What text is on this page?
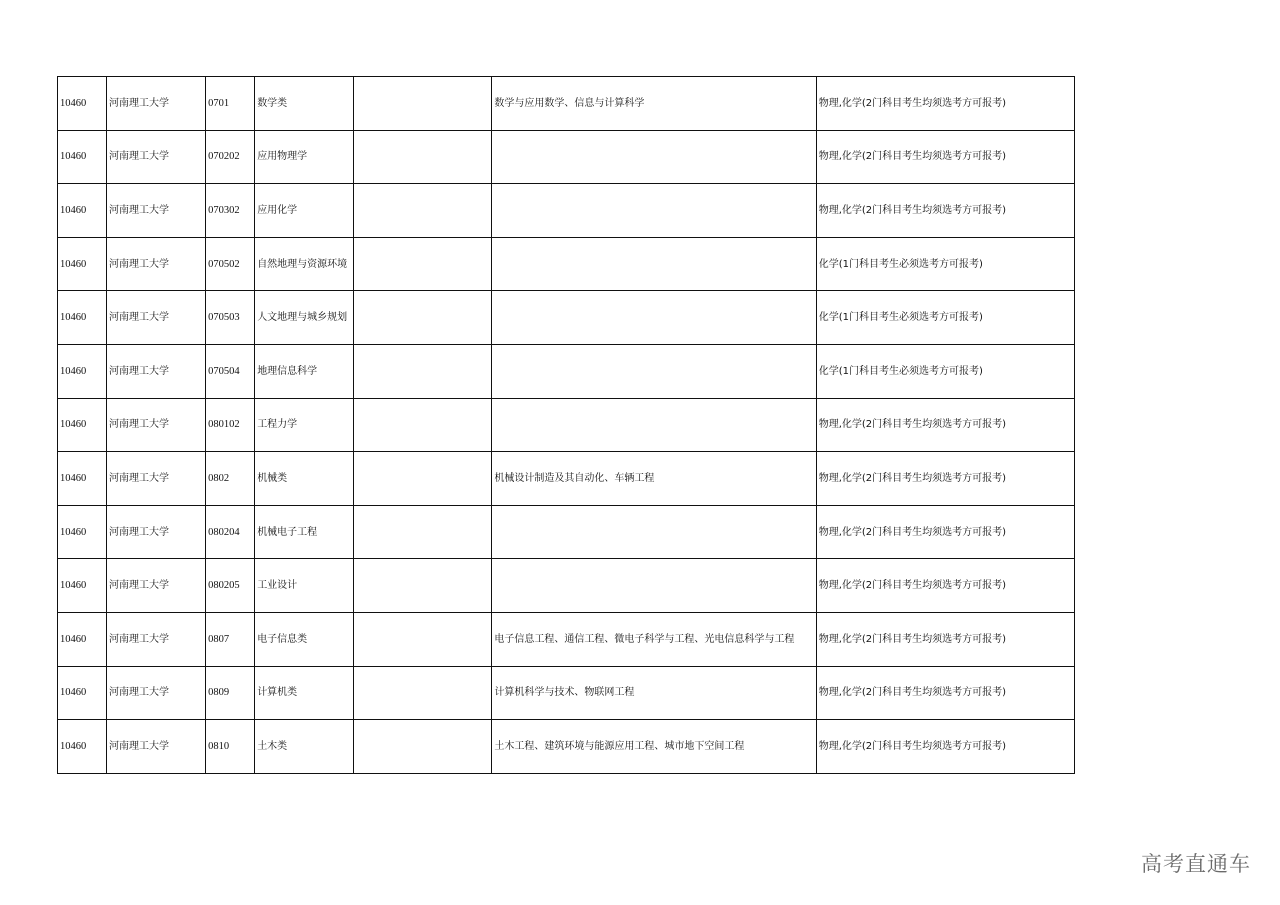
10460	河南理工大学	0701	数学类		数学与应用数学、信息与计算科学	物理,化学(2门科目考生均须选考方可报考)
10460	河南理工大学	070202	应用物理学			物理,化学(2门科目考生均须选考方可报考)
10460	河南理工大学	070302	应用化学			物理,化学(2门科目考生均须选考方可报考)
10460	河南理工大学	070502	自然地理与资源环境			化学(1门科目考生必须选考方可报考)
10460	河南理工大学	070503	人文地理与城乡规划			化学(1门科目考生必须选考方可报考)
10460	河南理工大学	070504	地理信息科学			化学(1门科目考生必须选考方可报考)
10460	河南理工大学	080102	工程力学			物理,化学(2门科目考生均须选考方可报考)
10460	河南理工大学	0802	机械类		机械设计制造及其自动化、车辆工程	物理,化学(2门科目考生均须选考方可报考)
10460	河南理工大学	080204	机械电子工程			物理,化学(2门科目考生均须选考方可报考)
10460	河南理工大学	080205	工业设计			物理,化学(2门科目考生均须选考方可报考)
10460	河南理工大学	0807	电子信息类		电子信息工程、通信工程、微电子科学与工程、光电信息科学与工程	物理,化学(2门科目考生均须选考方可报考)
10460	河南理工大学	0809	计算机类		计算机科学与技术、物联网工程	物理,化学(2门科目考生均须选考方可报考)
10460	河南理工大学	0810	土木类		土木工程、建筑环境与能源应用工程、城市地下空间工程	物理,化学(2门科目考生均须选考方可报考)
高考直通车
